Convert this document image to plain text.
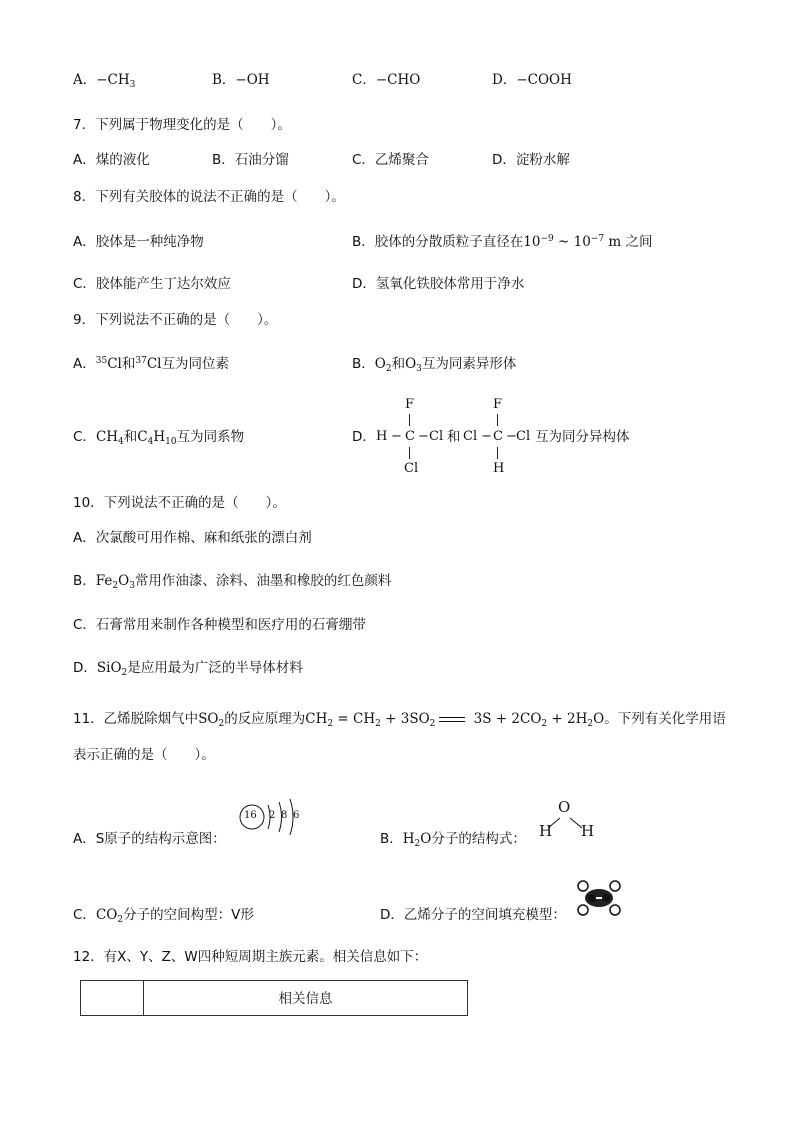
A．$-CH_3$	B．−OH	C．−CHO	D．−COOH
7．下列属于物理变化的是（　　）。
A．煤的液化	B．石油分馏	C．乙烯聚合	D．淀粉水解
8．下列有关胶体的说法不正确的是（　　）。
A．胶体是一种纯净物	B．胶体的分散质粒子直径在$10^{-9}$ ~ $10^{-7}$ m 之间
C．胶体能产生丁达尔效应	D．氢氧化铁胶体常用于净水
9．下列说法不正确的是（　　）。
A．$^{35}$Cl和$^{37}$Cl互为同位素	B．$O_2$和$O_3$互为同素异形体
C．$CH_4$和$C_4H_{10}$互为同系物	D．
F
H − C − Cl
Cl
和
F
Cl − C − Cl
H
互为同分异构体
10．下列说法不正确的是（　　）。
A．次氯酸可用作棉、麻和纸张的漂白剂
B．$Fe_2O_3$常用作油漆、涂料、油墨和橡胶的红色颜料
C．石膏常用来制作各种模型和医疗用的石膏绷带
D．SiO$_2$是应用最为广泛的半导体材料
11．乙烯脱除烟气中$SO_2$的反应原理为$CH_2 = CH_2 + 3SO_2$	$3S + 2CO_2 + 2H_2O$。下列有关化学用语
表示正确的是（　　）。
A．S原子的结构示意图：
16 2 8 6
B．$H_2O$分子的结构式：
O
H H
C．$CO_2$分子的空间构型：V形	D．乙烯分子的空间填充模型：
12．有X、Y、Z、W四种短周期主族元素。相关信息如下：
	相关信息
